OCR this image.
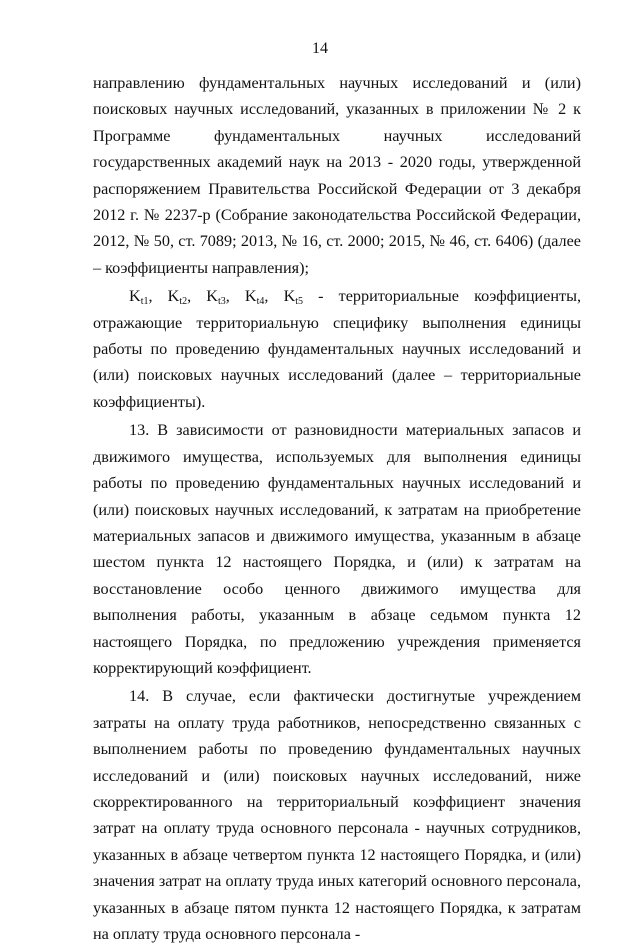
14

направлению фундаментальных научных исследований и (или) поисковых научных исследований, указанных в приложении № 2 к Программе фундаментальных научных исследований государственных академий наук на 2013 - 2020 годы, утвержденной распоряжением Правительства Российской Федерации от 3 декабря 2012 г. № 2237-р (Собрание законодательства Российской Федерации, 2012, № 50, ст. 7089; 2013, № 16, ст. 2000; 2015, № 46, ст. 6406) (далее – коэффициенты направления);

$K_{t1}$, $K_{t2}$, $K_{t3}$, $K_{t4}$, $K_{t5}$ - территориальные коэффициенты, отражающие территориальную специфику выполнения единицы работы по проведению фундаментальных научных исследований и (или) поисковых научных исследований (далее – территориальные коэффициенты).

13. В зависимости от разновидности материальных запасов и движимого имущества, используемых для выполнения единицы работы по проведению фундаментальных научных исследований и (или) поисковых научных исследований, к затратам на приобретение материальных запасов и движимого имущества, указанным в абзаце шестом пункта 12 настоящего Порядка, и (или) к затратам на восстановление особо ценного движимого имущества для выполнения работы, указанным в абзаце седьмом пункта 12 настоящего Порядка, по предложению учреждения применяется корректирующий коэффициент.

14. В случае, если фактически достигнутые учреждением затраты на оплату труда работников, непосредственно связанных с выполнением работы по проведению фундаментальных научных исследований и (или) поисковых научных исследований, ниже скорректированного на территориальный коэффициент значения затрат на оплату труда основного персонала - научных сотрудников, указанных в абзаце четвертом пункта 12 настоящего Порядка, и (или) значения затрат на оплату труда иных категорий основного персонала, указанных в абзаце пятом пункта 12 настоящего Порядка, к затратам на оплату труда основного персонала -
